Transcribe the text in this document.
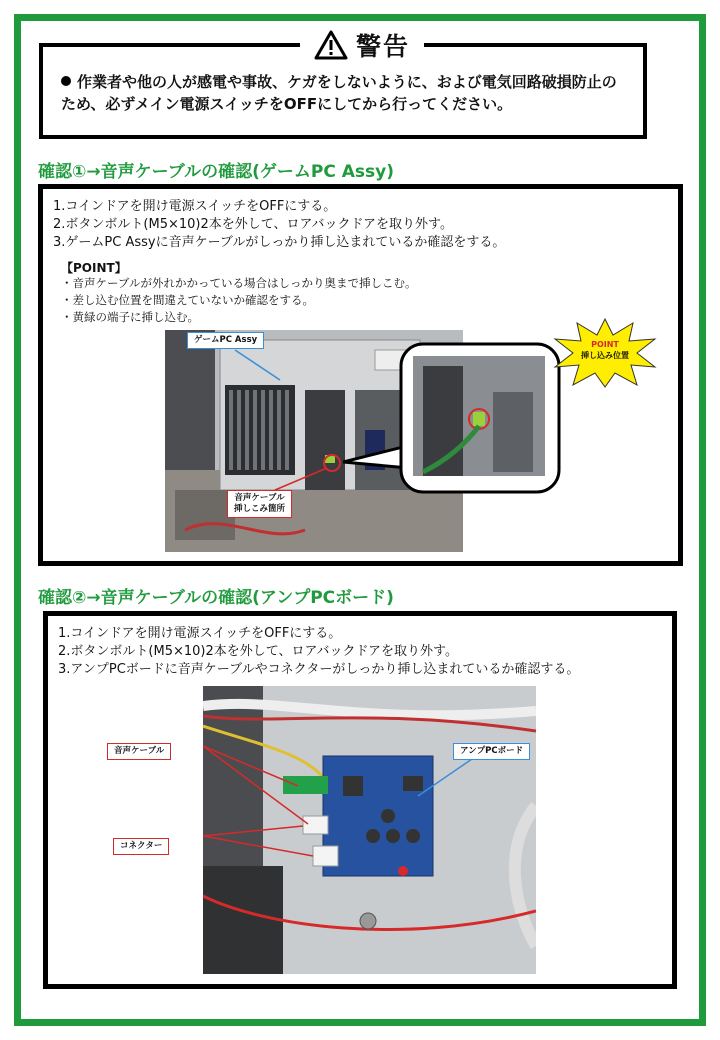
作業者や他の人が感電や事故、ケガをしないように、および電気回路破損防止の
ため、必ずメイン電源スイッチをOFFにしてから行ってください。
警告
確認①→音声ケーブルの確認(ゲームPC Assy)
1.コインドアを開け電源スイッチをOFFにする。
2.ボタンボルト(M5×10)2本を外して、ロアバックドアを取り外す。
3.ゲームPC Assyに音声ケーブルがしっかり挿し込まれているか確認をする。
【POINT】
・音声ケーブルが外れかかっている場合はしっかり奥まで挿しこむ。
・差し込む位置を間違えていないか確認をする。
・黄緑の端子に挿し込む。
ゲームPC Assy
音声ケーブル
挿しこみ箇所
POINT
挿し込み位置
確認②→音声ケーブルの確認(アンプPCボード)
1.コインドアを開け電源スイッチをOFFにする。
2.ボタンボルト(M5×10)2本を外して、ロアバックドアを取り外す。
3.アンプPCボードに音声ケーブルやコネクターがしっかり挿し込まれているか確認する。
音声ケーブル
コネクター
アンプPCボード
